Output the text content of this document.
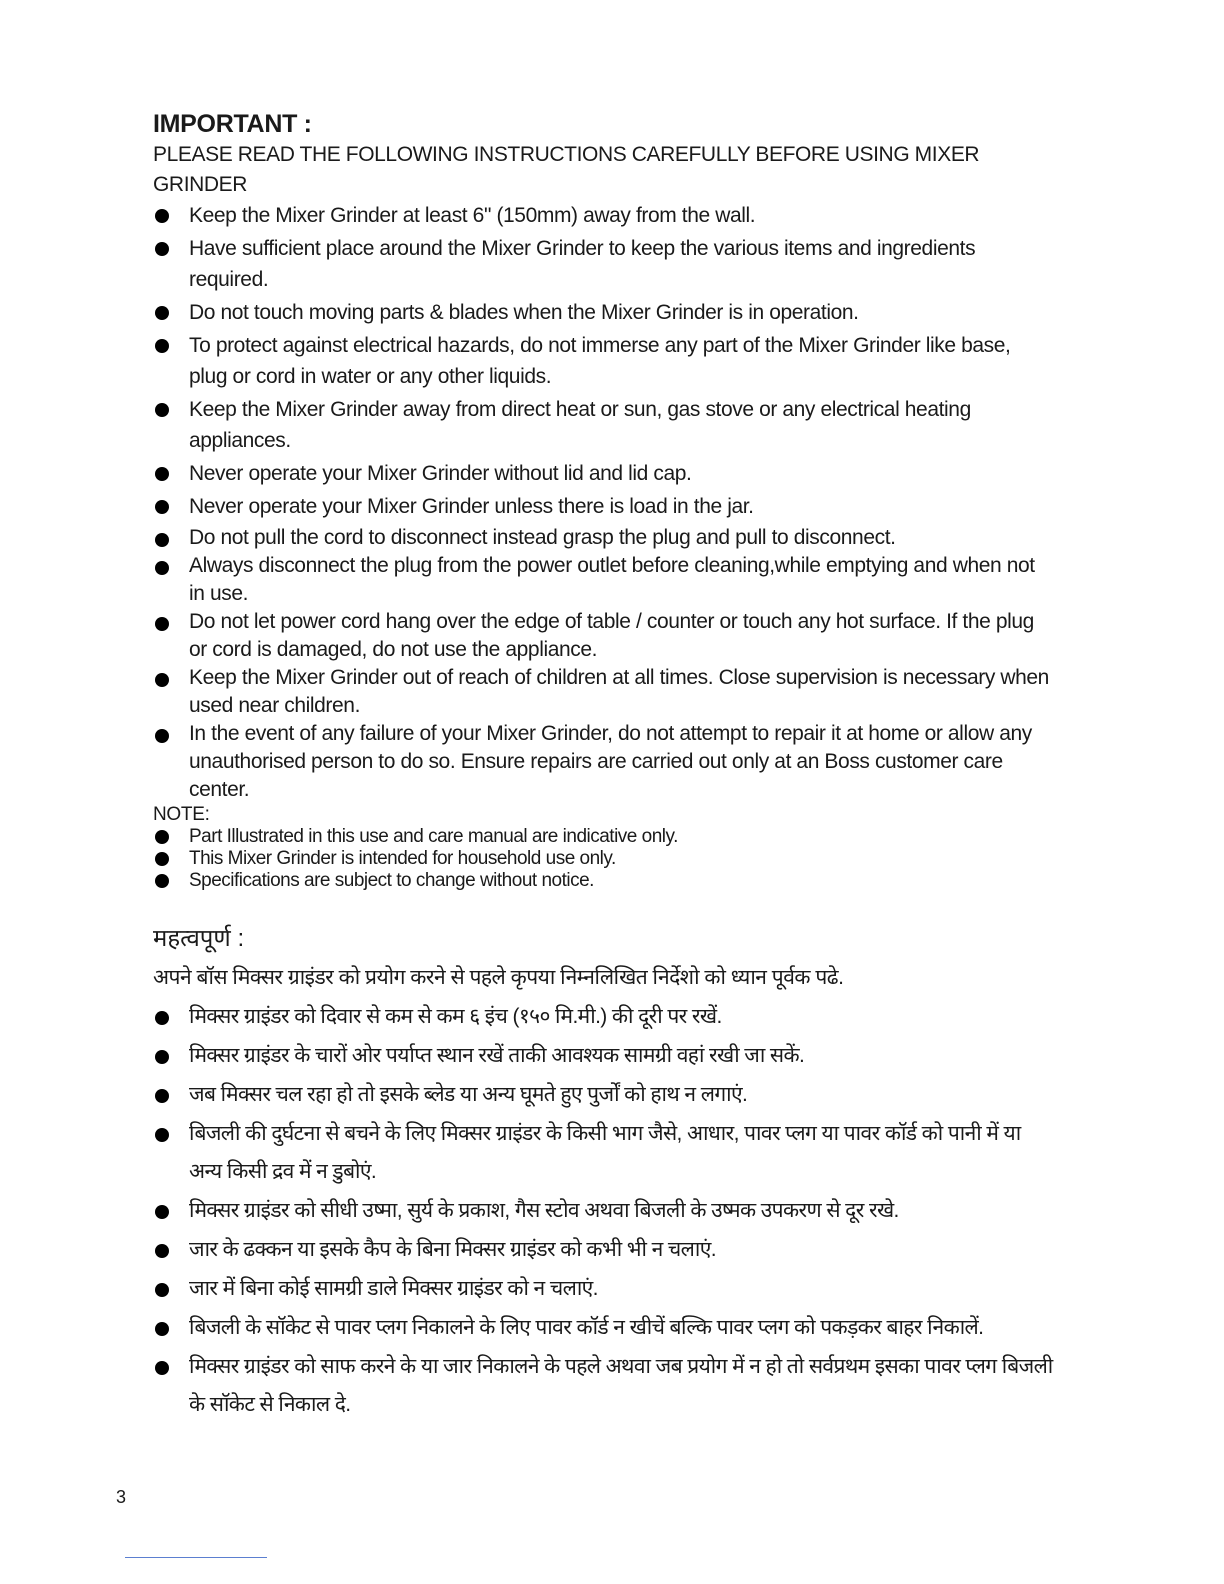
IMPORTANT :

PLEASE READ THE FOLLOWING INSTRUCTIONS CAREFULLY BEFORE USING MIXER GRINDER

Keep the Mixer Grinder at least 6" (150mm) away from the wall.
Have sufficient place around the Mixer Grinder to keep the various items and ingredients required.
Do not touch moving parts & blades when the Mixer Grinder is in operation.
To protect against electrical hazards, do not immerse any part of the Mixer Grinder like base, plug or cord in water or any other liquids.
Keep the Mixer Grinder away from direct heat or sun, gas stove or any electrical heating appliances.
Never operate your Mixer Grinder without lid and lid cap.
Never operate your Mixer Grinder unless there is load in the jar.
Do not pull the cord to disconnect instead grasp the plug and pull to disconnect.
Always disconnect the plug from the power outlet before cleaning,while emptying and when not in use.
Do not let power cord hang over the edge of table / counter or touch any hot surface. If the plug or cord is damaged, do not use the appliance.
Keep the Mixer Grinder out of reach of children at all times. Close supervision is necessary when used near children.
In the event of any failure of your Mixer Grinder, do not attempt to repair it at home or allow any unauthorised person to do so. Ensure repairs are carried out only at an Boss customer care center.

NOTE:

Part Illustrated in this use and care manual are indicative only.
This Mixer Grinder is intended for household use only.
Specifications are subject to change without notice.

महत्वपूर्ण :

अपने बॉस मिक्सर ग्राइंडर को प्रयोग करने से पहले कृपया निम्नलिखित निर्देशो को ध्यान पूर्वक पढे.

मिक्सर ग्राइंडर को दिवार से कम से कम ६ इंच (१५० मि.मी.) की दूरी पर रखें.
मिक्सर ग्राइंडर के चारों ओर पर्याप्त स्थान रखें ताकी आवश्यक सामग्री वहां रखी जा सकें.
जब मिक्सर चल रहा हो तो इसके ब्लेड या अन्य घूमते हुए पुर्जों को हाथ न लगाएं.
बिजली की दुर्घटना से बचने के लिए मिक्सर ग्राइंडर के किसी भाग जैसे, आधार, पावर प्लग या पावर कॉर्ड को पानी में या अन्य किसी द्रव में न डुबोएं.
मिक्सर ग्राइंडर को सीधी उष्मा, सुर्य के प्रकाश, गैस स्टोव अथवा बिजली के उष्मक उपकरण से दूर रखे.
जार के ढक्कन या इसके कैप के बिना मिक्सर ग्राइंडर को कभी भी न चलाएं.
जार में बिना कोई सामग्री डाले मिक्सर ग्राइंडर को न चलाएं.
बिजली के सॉकेट से पावर प्लग निकालने के लिए पावर कॉर्ड न खीचें बल्कि पावर प्लग को पकड़कर बाहर निकालें.
मिक्सर ग्राइंडर को साफ करने के या जार निकालने के पहले अथवा जब प्रयोग में न हो तो सर्वप्रथम इसका पावर प्लग बिजली के सॉकेट से निकाल दे.
3
